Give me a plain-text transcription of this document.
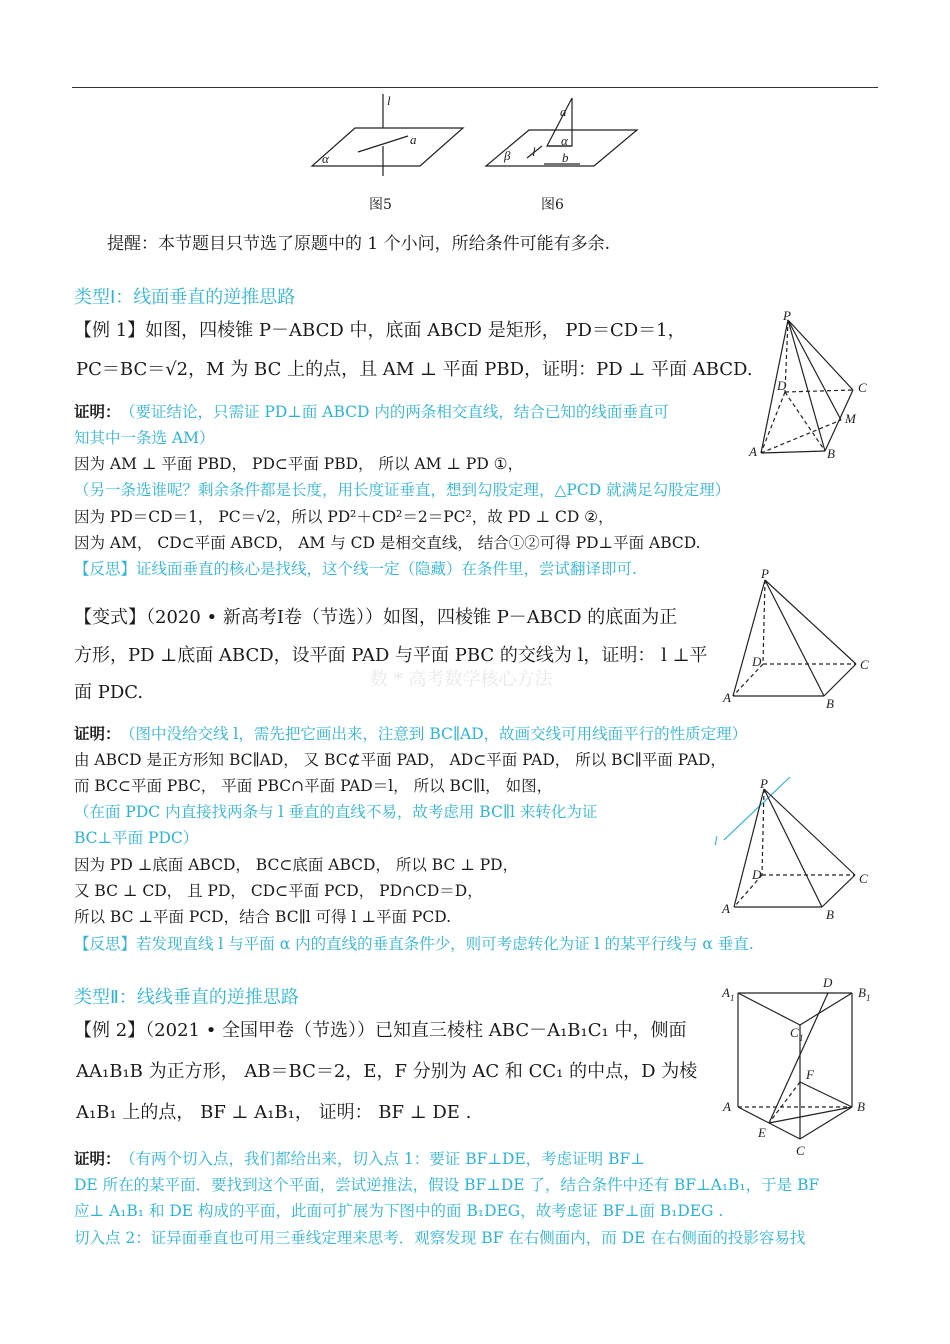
l
a
α
图5
a
α
b
β l
图6
提醒：本节题目只节选了原题中的 1 个小问，所给条件可能有多余.
类型Ⅰ：线面垂直的逆推思路
【例 1】如图，四棱锥 P－ABCD 中，底面 ABCD 是矩形， PD＝CD＝1，
PC＝BC＝√2，M 为 BC 上的点，且 AM ⊥ 平面 PBD，证明：PD ⊥ 平面 ABCD.
P
D	C
M
A	B
证明： （要证结论，只需证 PD⊥面 ABCD 内的两条相交直线，结合已知的线面垂直可
知其中一条选 AM）
因为 AM ⊥ 平面 PBD， PD⊂平面 PBD， 所以 AM ⊥ PD ①，
（另一条选谁呢？剩余条件都是长度，用长度证垂直，想到勾股定理，△PCD 就满足勾股定理）
因为 PD＝CD＝1， PC＝√2，所以 PD²＋CD²＝2＝PC²，故 PD ⊥ CD ②，
因为 AM， CD⊂平面 ABCD， AM 与 CD 是相交直线， 结合①②可得 PD⊥平面 ABCD.
【反思】证线面垂直的核心是找线，这个线一定（隐藏）在条件里，尝试翻译即可.
【变式】（2020 • 新高考Ⅰ卷（节选））如图，四棱锥 P－ABCD 的底面为正
方形，PD ⊥底面 ABCD，设平面 PAD 与平面 PBC 的交线为 l，证明： l ⊥平
面 PDC.
数 * 高考数学核心方法
P
D	C
A	B
证明： （图中没给交线 l，需先把它画出来，注意到 BC∥AD，故画交线可用线面平行的性质定理）
由 ABCD 是正方形知 BC∥AD， 又 BC⊄平面 PAD， AD⊂平面 PAD， 所以 BC∥平面 PAD，
而 BC⊂平面 PBC， 平面 PBC∩平面 PAD＝l， 所以 BC∥l， 如图，
（在面 PDC 内直接找两条与 l 垂直的直线不易，故考虑用 BC∥l 来转化为证
BC⊥平面 PDC）
因为 PD ⊥底面 ABCD， BC⊂底面 ABCD， 所以 BC ⊥ PD，
又 BC ⊥ CD， 且 PD， CD⊂平面 PCD， PD∩CD＝D，
所以 BC ⊥平面 PCD，结合 BC∥l 可得 l ⊥平面 PCD.
【反思】若发现直线 l 与平面 α 内的直线的垂直条件少，则可考虑转化为证 l 的某平行线与 α 垂直.
P
l
D	C
A	B
类型Ⅱ：线线垂直的逆推思路
【例 2】（2021 • 全国甲卷（节选））已知直三棱柱 ABC－A₁B₁C₁ 中，侧面
AA₁B₁B 为正方形， AB＝BC＝2，E，F 分别为 AC 和 CC₁ 的中点，D 为棱
A₁B₁ 上的点， BF ⊥ A₁B₁， 证明： BF ⊥ DE .
A 1
D
B 1
C 1
F
A	B
E
C
证明： （有两个切入点，我们都给出来，切入点 1：要证 BF⊥DE，考虑证明 BF⊥
DE 所在的某平面．要找到这个平面，尝试逆推法，假设 BF⊥DE 了，结合条件中还有 BF⊥A₁B₁，于是 BF
应⊥ A₁B₁ 和 DE 构成的平面，此面可扩展为下图中的面 B₁DEG，故考虑证 BF⊥面 B₁DEG .
切入点 2：证异面垂直也可用三垂线定理来思考．观察发现 BF 在右侧面内，而 DE 在右侧面的投影容易找
